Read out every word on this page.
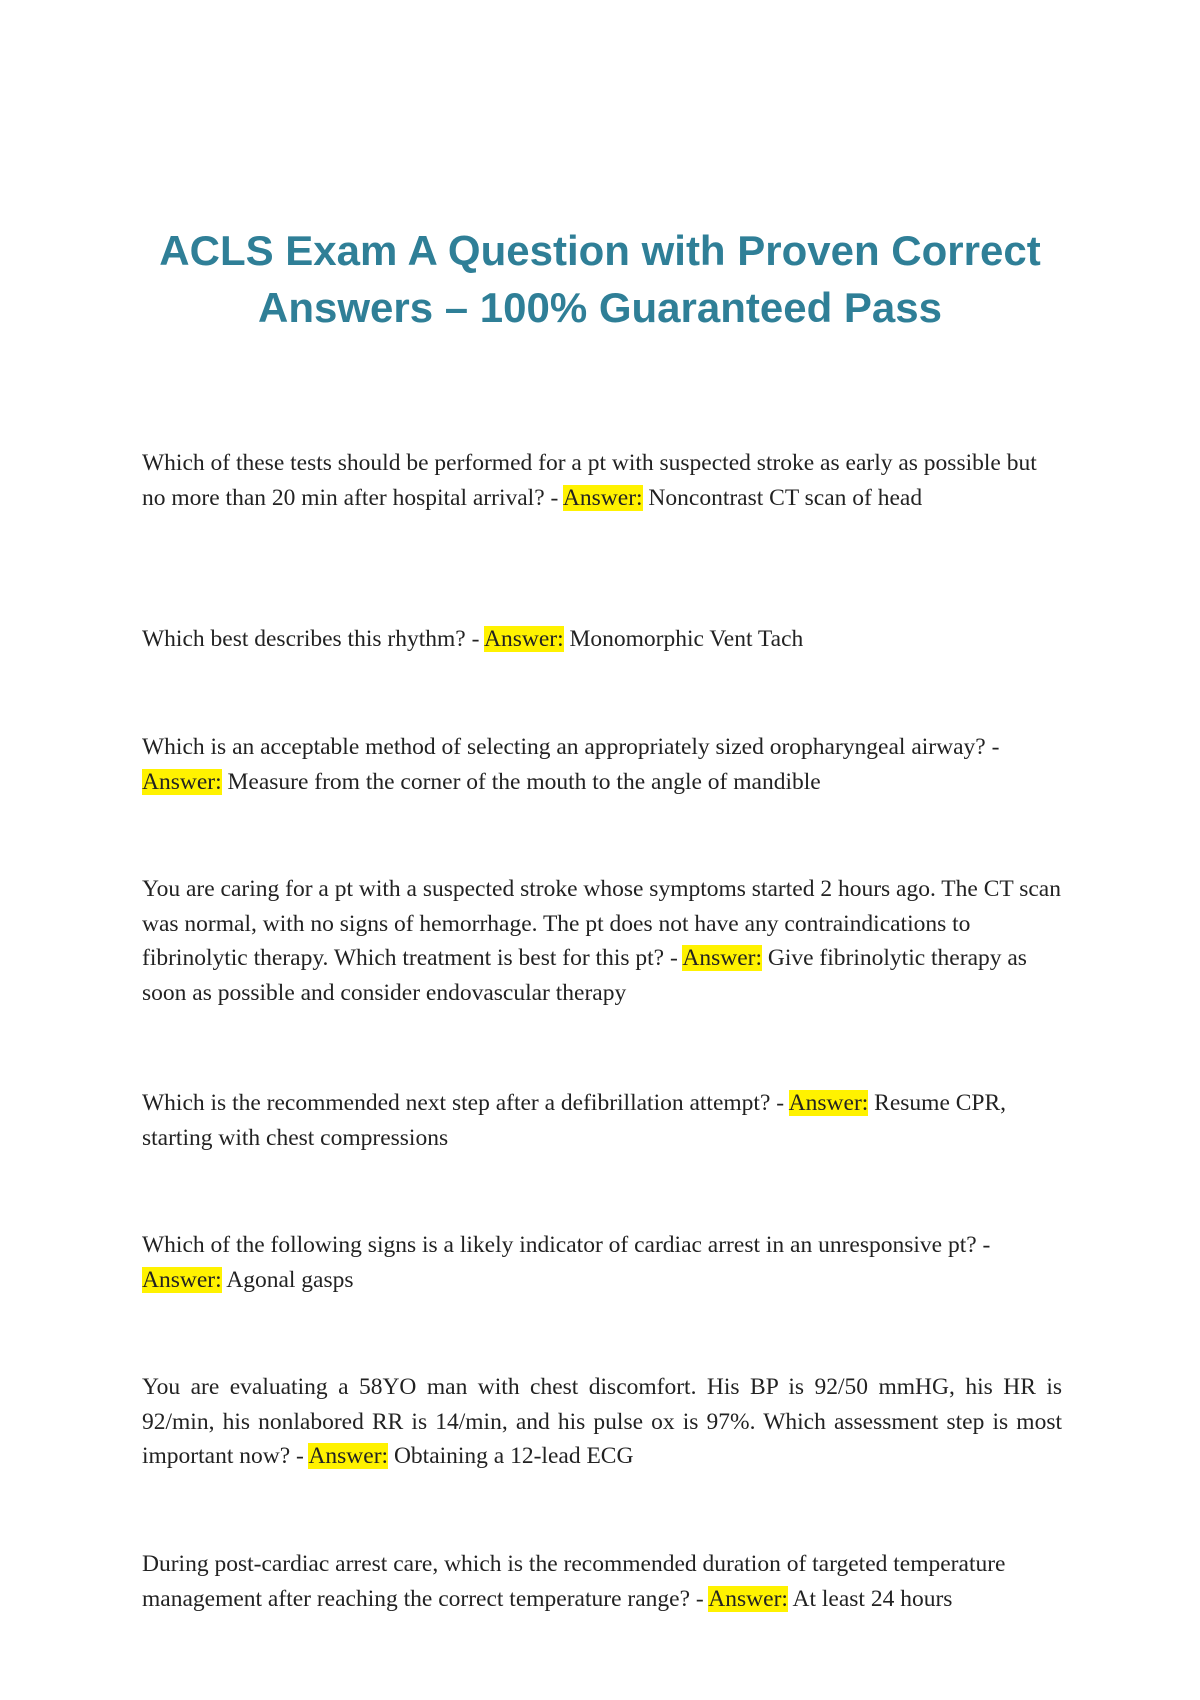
ACLS Exam A Question with Proven Correct
Answers – 100% Guaranteed Pass

Which of these tests should be performed for a pt with suspected stroke as early as possible but no more than 20 min after hospital arrival? - Answer: Noncontrast CT scan of head

Which best describes this rhythm? - Answer: Monomorphic Vent Tach

Which is an acceptable method of selecting an appropriately sized oropharyngeal airway? - Answer: Measure from the corner of the mouth to the angle of mandible

You are caring for a pt with a suspected stroke whose symptoms started 2 hours ago. The CT scan was normal, with no signs of hemorrhage. The pt does not have any contraindications to fibrinolytic therapy. Which treatment is best for this pt? - Answer: Give fibrinolytic therapy as soon as possible and consider endovascular therapy

Which is the recommended next step after a defibrillation attempt? - Answer: Resume CPR, starting with chest compressions

Which of the following signs is a likely indicator of cardiac arrest in an unresponsive pt? - Answer: Agonal gasps

You are evaluating a 58YO man with chest discomfort. His BP is 92/50 mmHG, his HR is 92/min, his nonlabored RR is 14/min, and his pulse ox is 97%. Which assessment step is most important now? - Answer: Obtaining a 12-lead ECG

During post-cardiac arrest care, which is the recommended duration of targeted temperature management after reaching the correct temperature range? - Answer: At least 24 hours
